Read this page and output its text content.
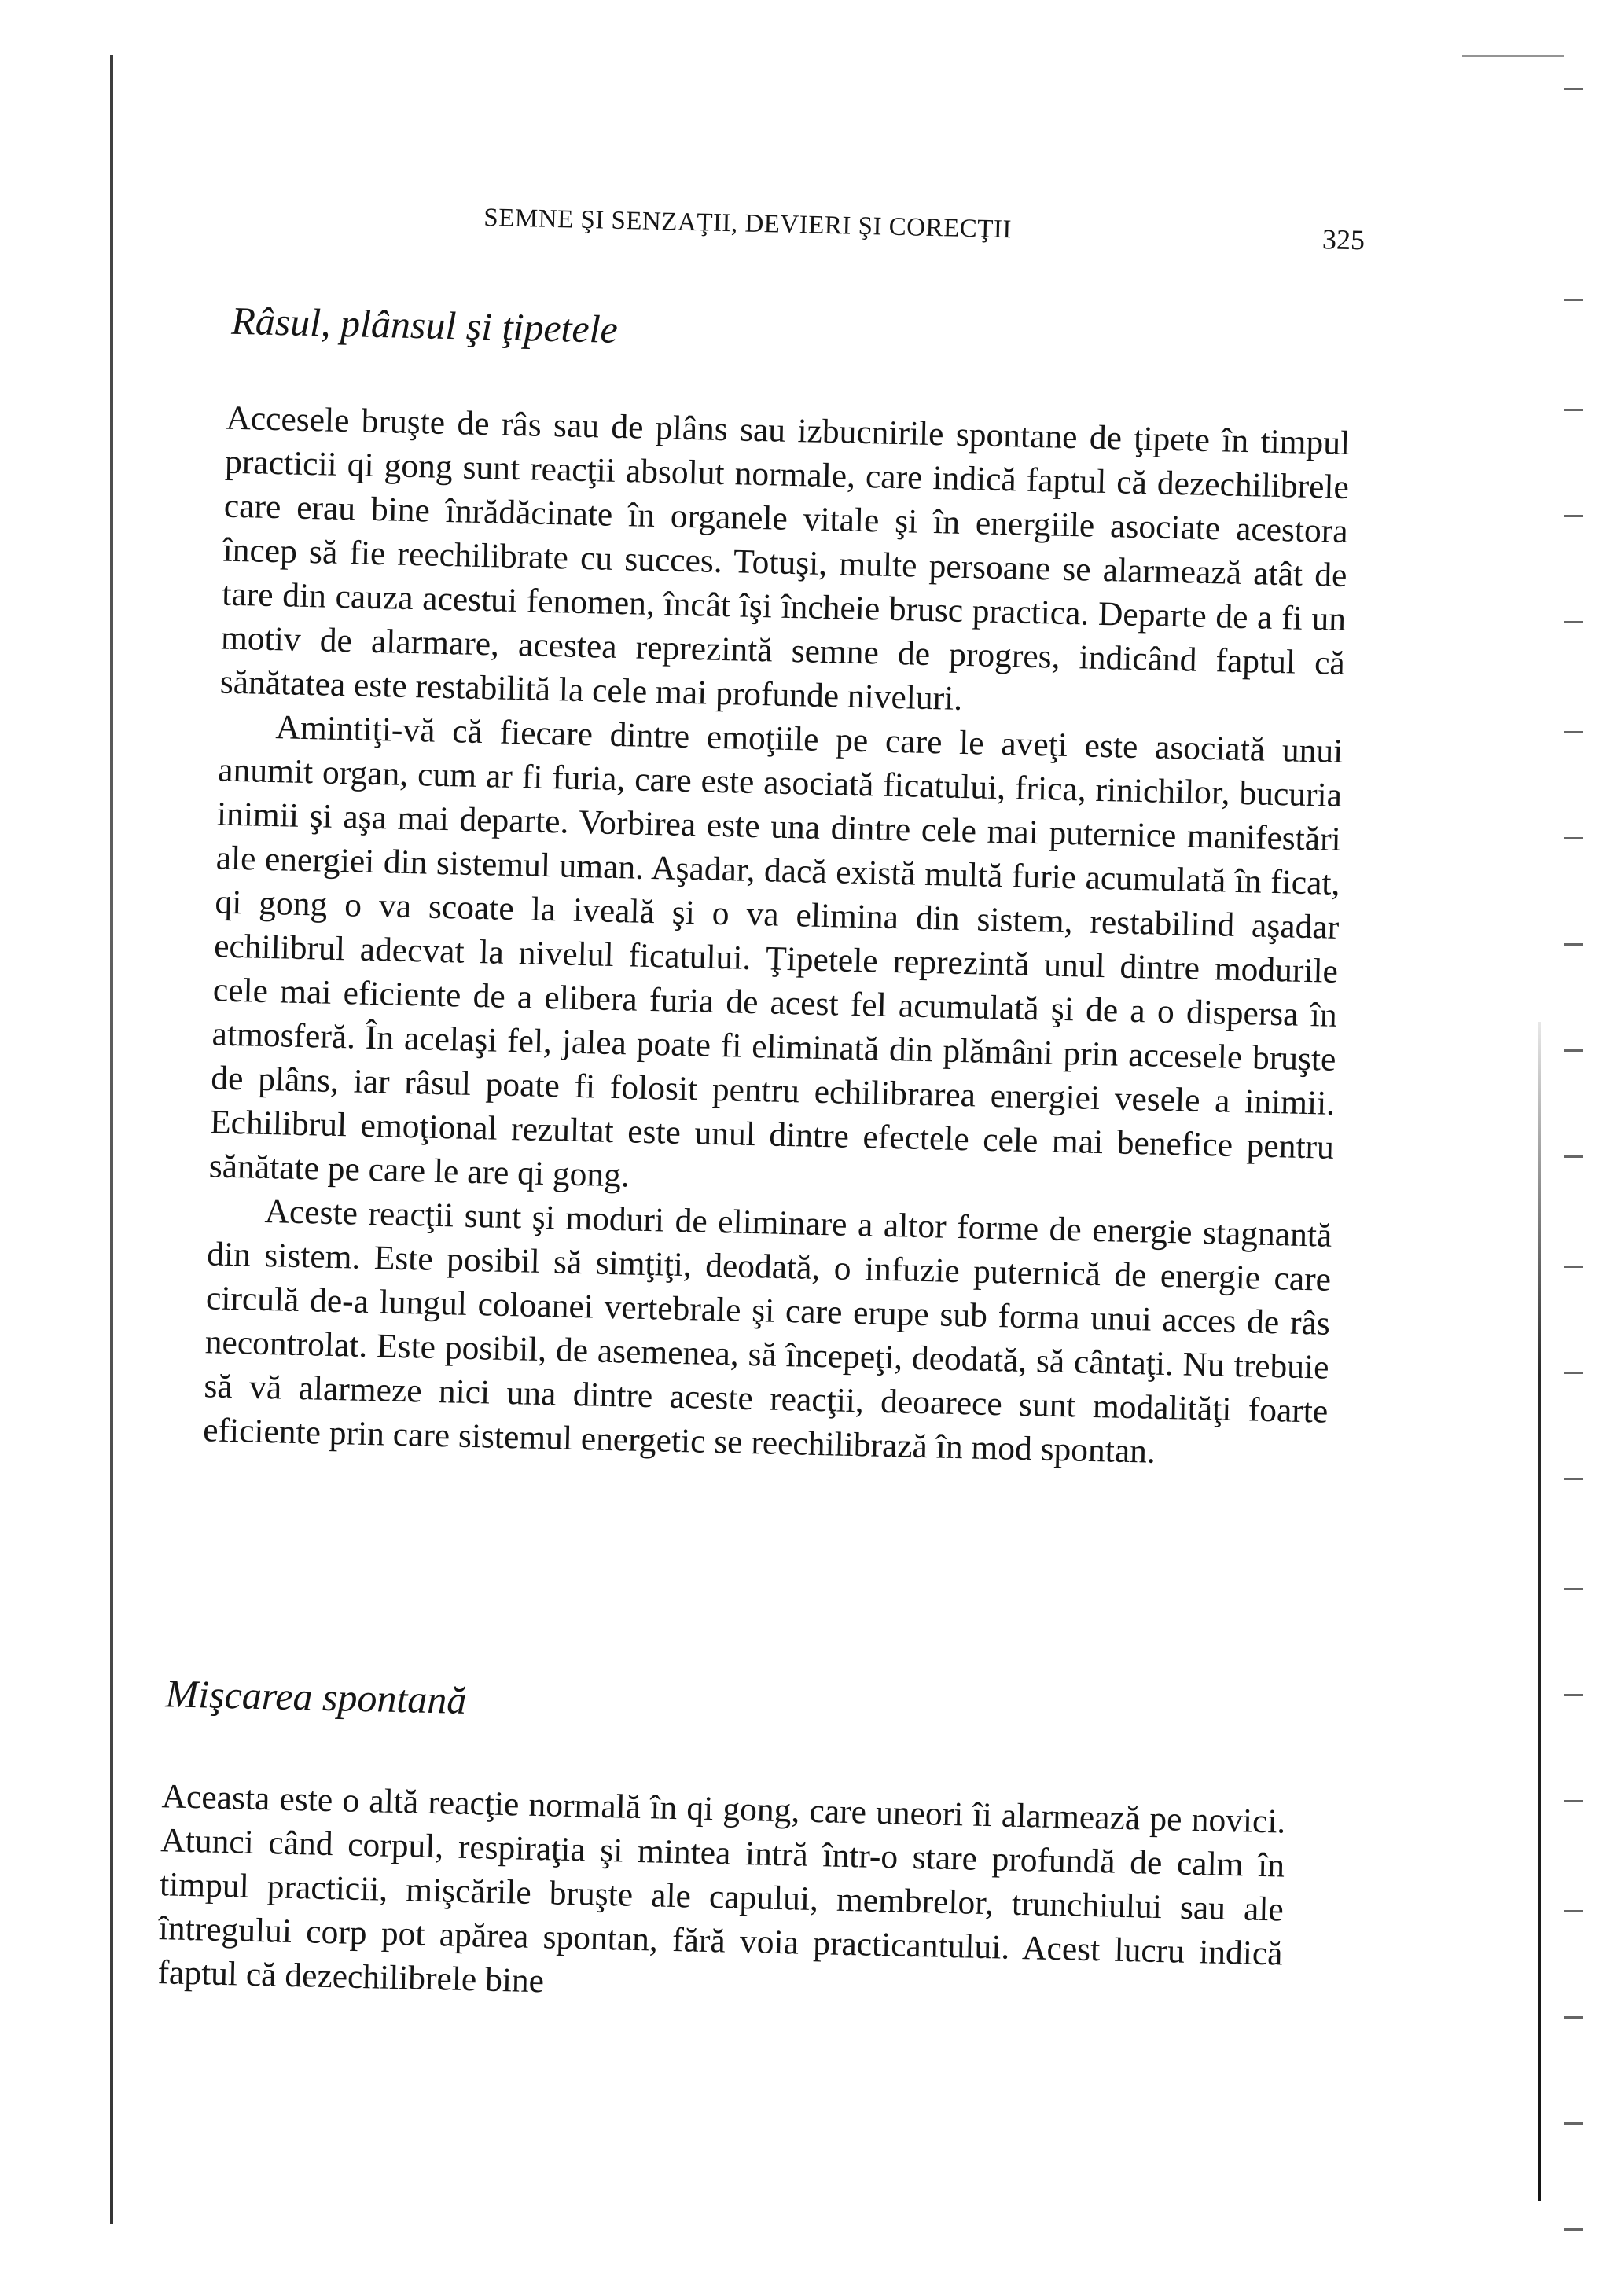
SEMNE ŞI SENZAŢII, DEVIERI ŞI CORECŢII	325
Râsul, plânsul şi ţipetele

Accesele bruşte de râs sau de plâns sau izbucnirile spontane de ţipete în timpul practicii qi gong sunt reacţii absolut normale, care indică faptul că dezechilibrele care erau bine înrădăcinate în organele vitale şi în energiile asociate acestora încep să fie reechilibrate cu succes. Totuşi, multe persoane se alarmează atât de tare din cauza acestui fenomen, încât îşi încheie brusc practica. Departe de a fi un motiv de alarmare, acestea reprezintă semne de progres, indicând faptul că sănătatea este restabilită la cele mai profunde niveluri.

Amintiţi-vă că fiecare dintre emoţiile pe care le aveţi este asociată unui anumit organ, cum ar fi furia, care este asociată ficatului, frica, rinichilor, bucuria inimii şi aşa mai departe. Vorbirea este una dintre cele mai puternice manifestări ale energiei din sistemul uman. Aşadar, dacă există multă furie acumulată în ficat, qi gong o va scoate la iveală şi o va elimina din sistem, restabilind aşadar echilibrul adecvat la nivelul ficatului. Ţipetele reprezintă unul dintre modurile cele mai eficiente de a elibera furia de acest fel acumulată şi de a o dispersa în atmosferă. În acelaşi fel, jalea poate fi eliminată din plămâni prin accesele bruşte de plâns, iar râsul poate fi folosit pentru echilibrarea energiei vesele a inimii. Echilibrul emoţional rezultat este unul dintre efectele cele mai benefice pentru sănătate pe care le are qi gong.

Aceste reacţii sunt şi moduri de eliminare a altor forme de energie stagnantă din sistem. Este posibil să simţiţi, deodată, o infuzie puternică de energie care circulă de-a lungul coloanei vertebrale şi care erupe sub forma unui acces de râs necontrolat. Este posibil, de asemenea, să începeţi, deodată, să cântaţi. Nu trebuie să vă alarmeze nici una dintre aceste reacţii, deoarece sunt modalităţi foarte eficiente prin care sistemul energetic se reechilibrază în mod spontan.

Mişcarea spontană

Aceasta este o altă reacţie normală în qi gong, care uneori îi alarmează pe novici. Atunci când corpul, respiraţia şi mintea intră într-o stare profundă de calm în timpul practicii, mişcările bruşte ale capului, membrelor, trunchiului sau ale întregului corp pot apărea spontan, fără voia practicantului. Acest lucru indică faptul că dezechilibrele bine
